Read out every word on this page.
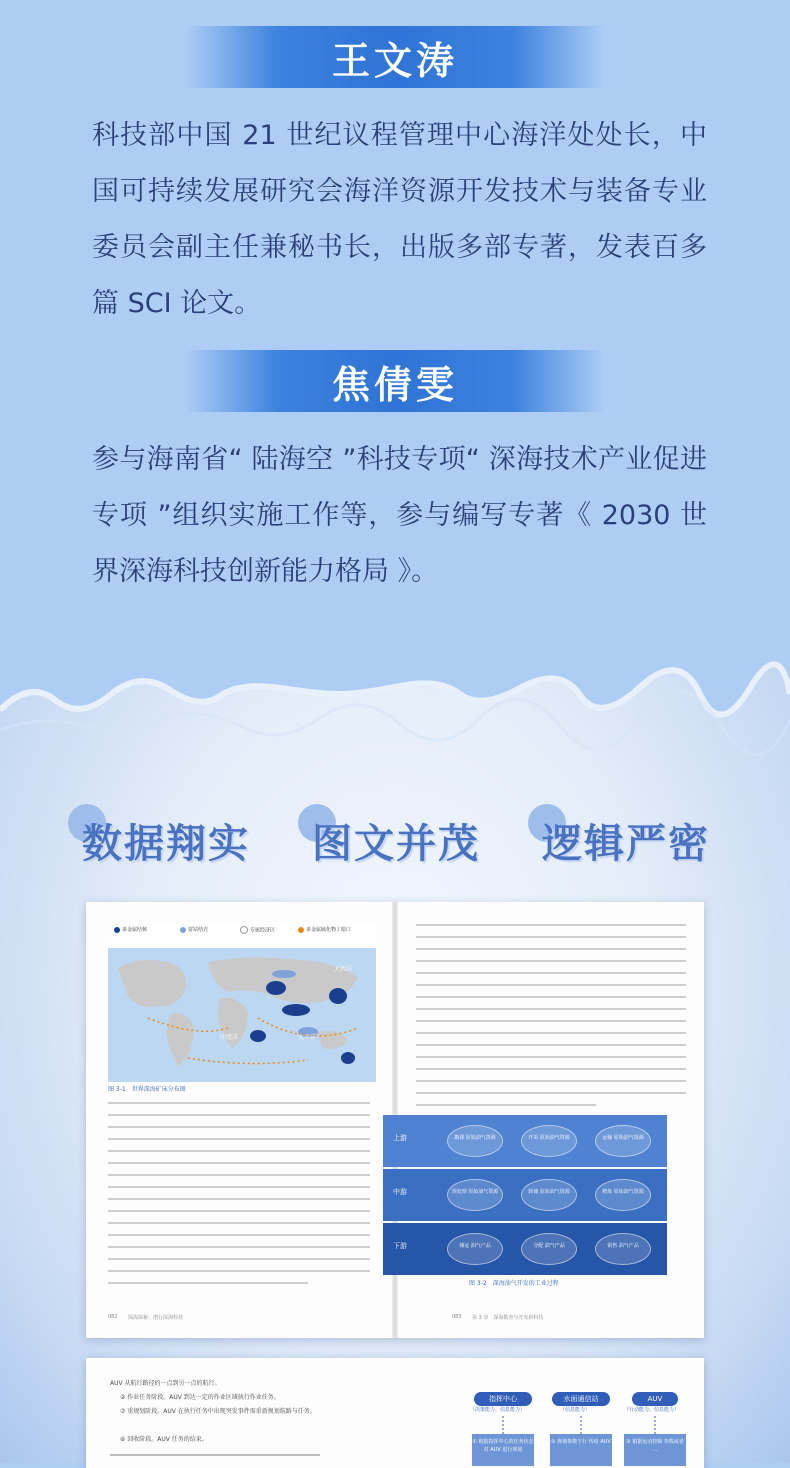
王文涛
科技部中国 21 世纪议程管理中心海洋处处长，中国可持续发展研究会海洋资源开发技术与装备专业委员会副主任兼秘书长，出版多部专著，发表百多篇 SCI 论文。
焦倩雯
参与海南省“ 陆海空 ”科技专项“ 深海技术产业促进专项 ”组织实施工作等，参与编写专著《 2030 世界深海科技创新能力格局 》。
数据翔实 图文并茂 逻辑严密
多金属结核	富钴结壳	专属经济区	多金属硫化物 / 暗口
太平洋
大西洋
印度洋
图 3-1　世界深海矿床分布图
图 3-2　深海油气开发的工业过程
082 深海探秘：潜行深海科技	083 第 3 章　深海勘查与开发新科技
上游	勘探 原始油气资源	开采 原始油气资源	运输 原始油气资源
中游	预处理 原始油气资源	转储 原始油气资源	精炼 原始油气资源
下游	储运 油气产品	分配 油气产品	销售 油气产品
AUV 从航行路径的一点到另一点的航行。
② 作业任务阶段。AUV 到达一定的作业区域执行作业任务。
⑦ 重规划阶段。AUV 在执行任务中出现突发事件需重新规划航路与任务。
⑥ 回收阶段。AUV 任务的结束。
指挥中心
（决策能力、信息能力）
水面通信站
（信息能力）
AUV
（行动能力、信息能力）
① 根据指挥中心的任务状态 对 AUV 进行规划
② 规划参数下行 传给 AUV	③ 根据运动控制 参数或者 …
